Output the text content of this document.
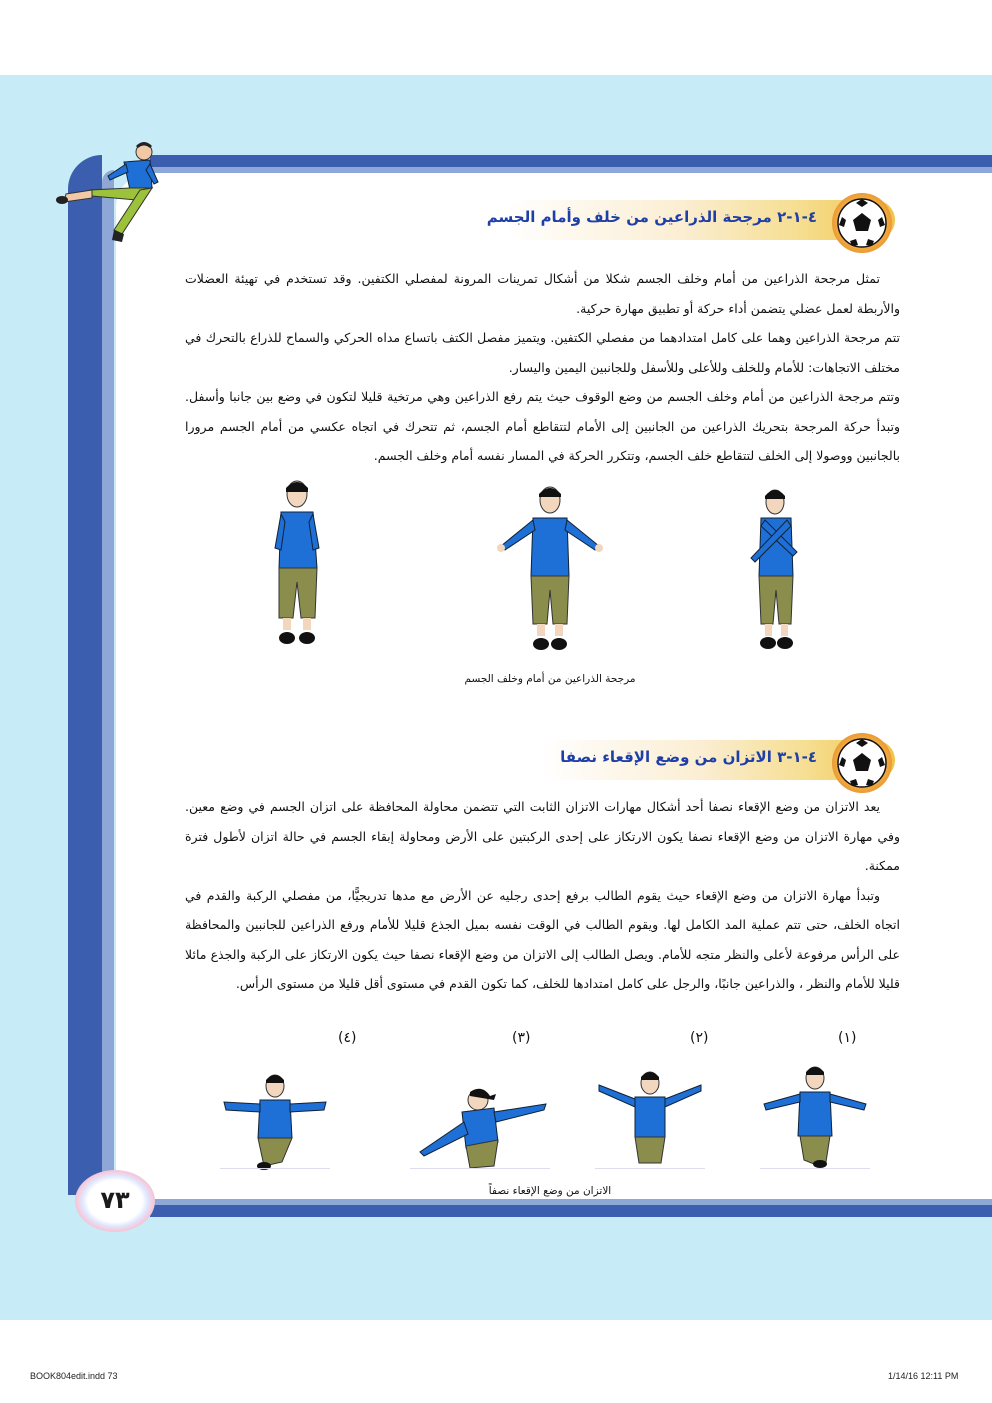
٤-١-٢ مرجحة الذراعين من خلف وأمام الجسم

تمثل مرجحة الذراعين من أمام وخلف الجسم شكلا من أشكال تمرينات المرونة لمفصلي الكتفين. وقد تستخدم في تهيئة العضلات والأربطة لعمل عضلي يتضمن أداء حركة أو تطبيق مهارة حركية.

تتم مرجحة الذراعين وهما على كامل امتدادهما من مفصلي الكتفين. ويتميز مفصل الكتف باتساع مداه الحركي والسماح للذراع بالتحرك في مختلف الاتجاهات: للأمام وللخلف وللأعلى وللأسفل وللجانبين اليمين واليسار.

وتتم مرجحة الذراعين من أمام وخلف الجسم من وضع الوقوف حيث يتم رفع الذراعين وهي مرتخية قليلا لتكون في وضع بين جانبا وأسفل. وتبدأ حركة المرجحة بتحريك الذراعين من الجانبين إلى الأمام لتتقاطع أمام الجسم، ثم تتحرك في اتجاه عكسي من أمام الجسم مرورا بالجانبين ووصولا إلى الخلف لتتقاطع خلف الجسم، وتتكرر الحركة في المسار نفسه أمام وخلف الجسم.

مرجحة الذراعين من أمام وخلف الجسم
٤-١-٣ الاتزان من وضع الإقعاء نصفا

يعد الاتزان من وضع الإقعاء نصفا أحد أشكال مهارات الاتزان الثابت التي تتضمن محاولة المحافظة على اتزان الجسم في وضع معين. وفي مهارة الاتزان من وضع الإقعاء نصفا يكون الارتكاز على إحدى الركبتين على الأرض ومحاولة إبقاء الجسم في حالة اتزان لأطول فترة ممكنة.

وتبدأ مهارة الاتزان من وضع الإقعاء حيث يقوم الطالب برفع إحدى رجليه عن الأرض مع مدها تدريجيًّا، من مفصلي الركبة والقدم في اتجاه الخلف، حتى تتم عملية المد الكامل لها. ويقوم الطالب في الوقت نفسه بميل الجذع قليلا للأمام ورفع الذراعين للجانبين والمحافظة على الرأس مرفوعة لأعلى والنظر متجه للأمام. ويصل الطالب إلى الاتزان من وضع الإقعاء نصفا حيث يكون الارتكاز على الركبة والجذع مائلا قليلا للأمام والنظر ، والذراعين جانبًا، والرجل على كامل امتدادها للخلف، كما تكون القدم في مستوى أقل قليلا من مستوى الرأس.

(١)
(٢)
(٣)
(٤)
الاتزان من وضع الإقعاء نصفاً
٧٣
BOOK804edit.indd 73	1/14/16 12:11 PM
